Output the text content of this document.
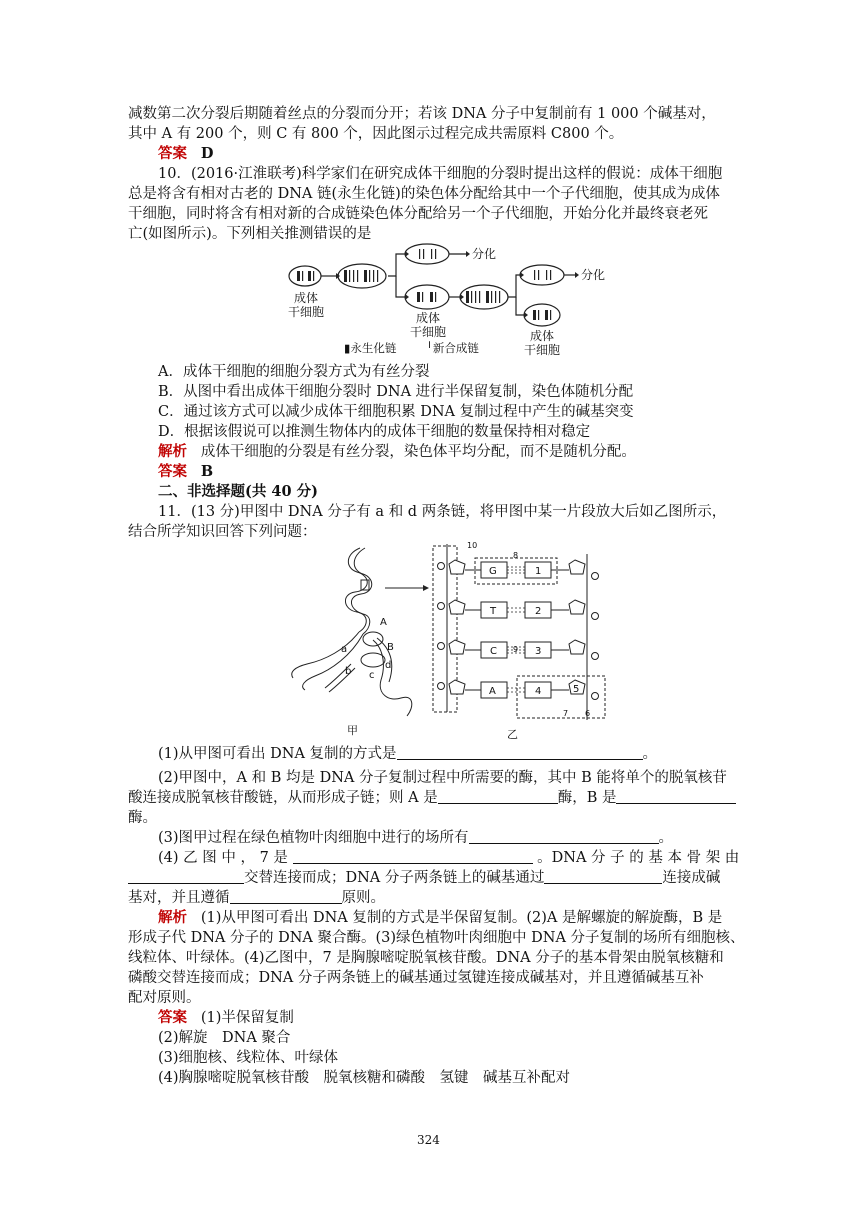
减数第二次分裂后期随着丝点的分裂而分开；若该 DNA 分子中复制前有 1 000 个碱基对，
其中 A 有 200 个，则 C 有 800 个，因此图示过程完成共需原料 C800 个。
答案 D
10．(2016·江淮联考)科学家们在研究成体干细胞的分裂时提出这样的假说：成体干细胞
总是将含有相对古老的 DNA 链(永生化链)的染色体分配给其中一个子代细胞，使其成为成体
干细胞，同时将含有相对新的合成链染色体分配给另一个子代细胞，开始分化并最终衰老死
亡(如图所示)。下列相关推测错误的是
分化
分化
成体
干细胞	成体
干细胞	成体
干细胞
▮永生化链	╵新合成链
A．成体干细胞的细胞分裂方式为有丝分裂
B．从图中看出成体干细胞分裂时 DNA 进行半保留复制，染色体随机分配
C．通过该方式可以减少成体干细胞积累 DNA 复制过程中产生的碱基突变
D．根据该假说可以推测生物体内的成体干细胞的数量保持相对稳定
解析 成体干细胞的分裂是有丝分裂，染色体平均分配，而不是随机分配。
答案 B
二、非选择题(共 40 分)
11．(13 分)甲图中 DNA 分子有 a 和 d 两条链，将甲图中某一片段放大后如乙图所示，
结合所学知识回答下列问题：
A
B
a
b c
d
10
8
9
7
G
T
C
A
1
2
3
4	5
6
甲	乙
(1)从甲图可看出 DNA 复制的方式是	。
(2)甲图中，A 和 B 均是 DNA 分子复制过程中所需要的酶，其中 B 能将单个的脱氧核苷
酸连接成脱氧核苷酸链，从而形成子链；则 A 是	酶，B 是
酶。
(3)图甲过程在绿色植物叶肉细胞中进行的场所有	。
(4) 乙 图 中 ， 7 是	。DNA 分 子 的 基 本 骨 架 由
交替连接而成；DNA 分子两条链上的碱基通过	连接成碱
基对，并且遵循	原则。
解析 (1)从甲图可看出 DNA 复制的方式是半保留复制。(2)A 是解螺旋的解旋酶，B 是
形成子代 DNA 分子的 DNA 聚合酶。(3)绿色植物叶肉细胞中 DNA 分子复制的场所有细胞核、
线粒体、叶绿体。(4)乙图中，7 是胸腺嘧啶脱氧核苷酸。DNA 分子的基本骨架由脱氧核糖和
磷酸交替连接而成；DNA 分子两条链上的碱基通过氢键连接成碱基对，并且遵循碱基互补
配对原则。
答案 (1)半保留复制
(2)解旋　DNA 聚合
(3)细胞核、线粒体、叶绿体
(4)胸腺嘧啶脱氧核苷酸　脱氧核糖和磷酸　氢键　碱基互补配对
324
